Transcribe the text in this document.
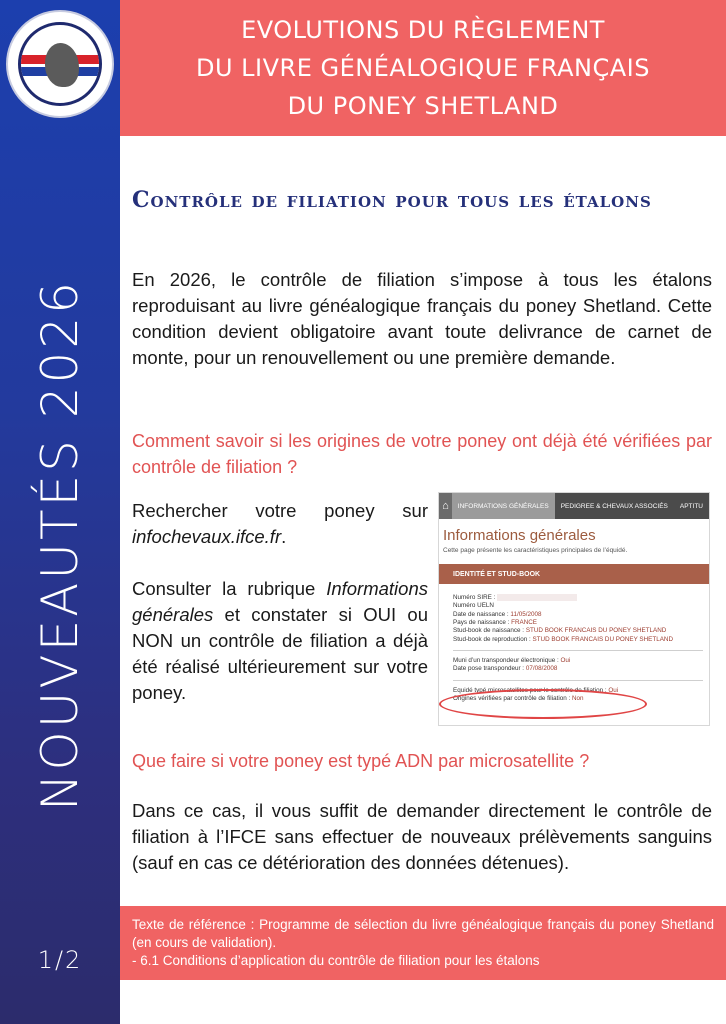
NOUVEAUTÉS 2026
1/2
EVOLUTIONS DU RÈGLEMENT
DU LIVRE GÉNÉALOGIQUE FRANÇAIS
DU PONEY SHETLAND
Contrôle de filiation pour tous les étalons
En 2026, le contrôle de filiation s’impose à tous les étalons reproduisant au livre généalogique français du poney Shetland. Cette condition devient obligatoire avant toute delivrance de carnet de monte, pour un renouvellement ou une première demande.
Comment savoir si les origines de votre poney ont déjà été vérifiées par contrôle de filiation ?
Rechercher votre poney sur infochevaux.ifce.fr.
Consulter la rubrique Informations générales et constater si OUI ou NON un contrôle de filiation a déjà été réalisé ultérieurement sur votre poney.
⌂	INFORMATIONS GÉNÉRALES	PEDIGREE & CHEVAUX ASSOCIÉS	APTITU
Informations générales
Cette page présente les caractéristiques principales de l’équidé.
IDENTITÉ ET STUD-BOOK
Numéro SIRE :
Numéro UELN
Date de naissance : 11/05/2008
Pays de naissance : FRANCE
Stud-book de naissance : STUD BOOK FRANCAIS DU PONEY SHETLAND
Stud-book de reproduction : STUD BOOK FRANCAIS DU PONEY SHETLAND
Muni d’un transpondeur électronique : Oui
Date pose transpondeur : 07/08/2008
Equidé typé microsatellites pour le contrôle de filiation : Oui
Origines vérifiées par contrôle de filiation : Non
Que faire si votre poney est typé ADN par microsatellite ?
Dans ce cas, il vous suffit de demander directement le contrôle de filiation à l’IFCE sans effectuer de nouveaux prélèvements sanguins (sauf en cas ce détérioration des données détenues).
Texte de référence : Programme de sélection du livre généalogique français du poney Shetland (en cours de validation).
- 6.1 Conditions d’application du contrôle de filiation pour les étalons
